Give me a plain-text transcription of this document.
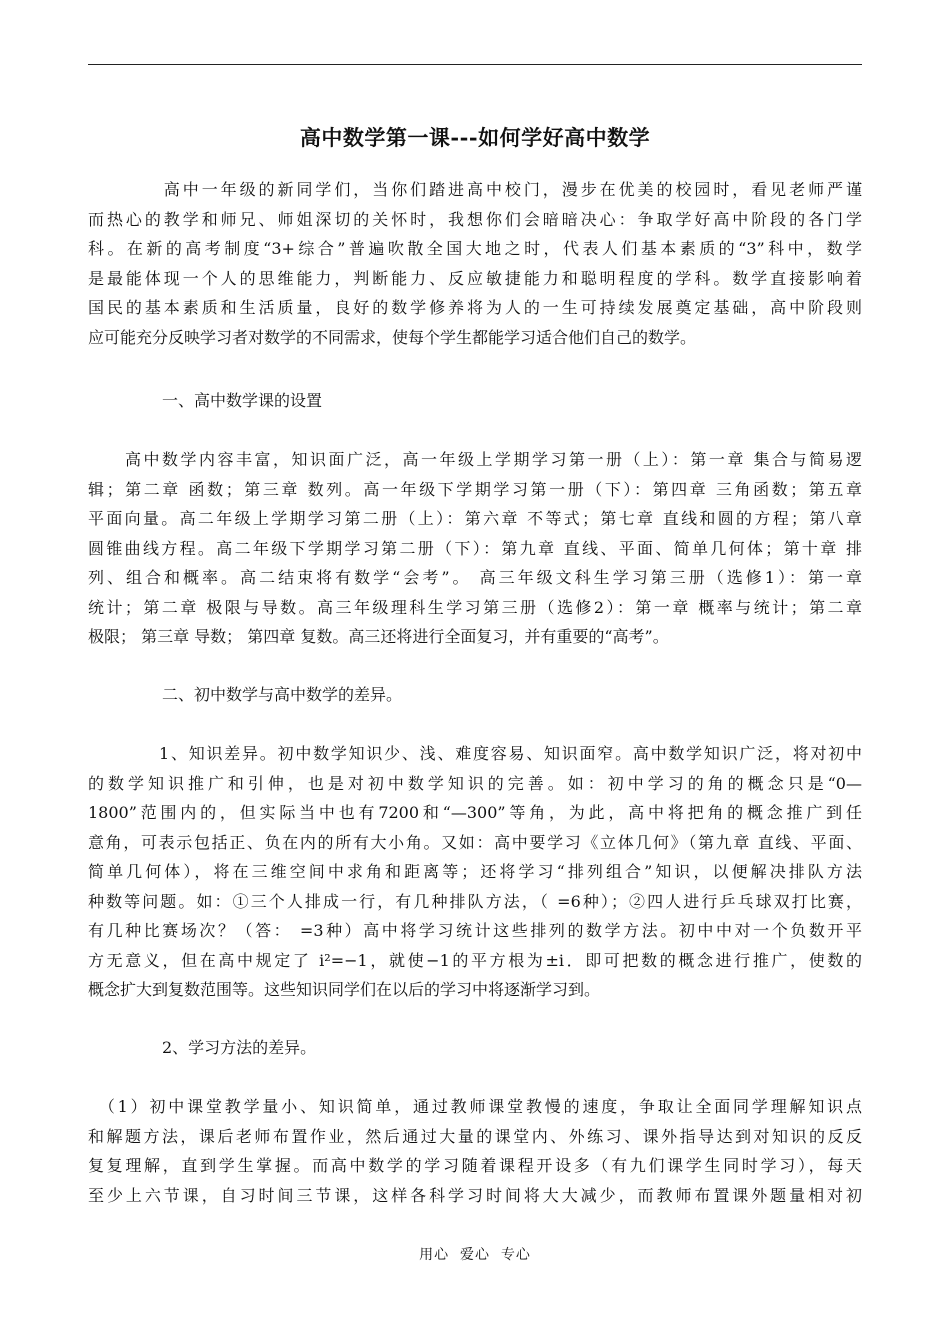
高中数学第一课---如何学好高中数学
　　　　高中一年级的新同学们，当你们踏进高中校门，漫步在优美的校园时，看见老师严谨
而热心的教学和师兄、师姐深切的关怀时，我想你们会暗暗决心：争取学好高中阶段的各门学
科。在新的高考制度“3+综合”普遍吹散全国大地之时，代表人们基本素质的“3”科中，数学
是最能体现一个人的思维能力，判断能力、反应敏捷能力和聪明程度的学科。数学直接影响着
国民的基本素质和生活质量，良好的数学修养将为人的一生可持续发展奠定基础，高中阶段则
应可能充分反映学习者对数学的不同需求，使每个学生都能学习适合他们自己的数学。
一、高中数学课的设置
　　高中数学内容丰富，知识面广泛，高一年级上学期学习第一册（上）：第一章 集合与简易逻
辑；第二章 函数；第三章 数列。高一年级下学期学习第一册（下）：第四章 三角函数；第五章
平面向量。高二年级上学期学习第二册（上）：第六章 不等式；第七章 直线和圆的方程；第八章
圆锥曲线方程。高二年级下学期学习第二册（下）：第九章 直线、平面、简单几何体；第十章 排
列、组合和概率。高二结束将有数学“会考”。 高三年级文科生学习第三册（选修1）：第一章
统计；第二章 极限与导数。高三年级理科生学习第三册（选修2）：第一章 概率与统计；第二章
极限； 第三章 导数； 第四章 复数。高三还将进行全面复习，并有重要的“高考”。
二、初中数学与高中数学的差异。
　　　　1、知识差异。初中数学知识少、浅、难度容易、知识面窄。高中数学知识广泛，将对初中
的数学知识推广和引伸，也是对初中数学知识的完善。如：初中学习的角的概念只是“0—
1800”范围内的，但实际当中也有7200和“—300”等角，为此，高中将把角的概念推广到任
意角，可表示包括正、负在内的所有大小角。又如：高中要学习《立体几何》（第九章 直线、平面、
简单几何体），将在三维空间中求角和距离等；还将学习“排列组合”知识，以便解决排队方法
种数等问题。如：①三个人排成一行，有几种排队方法，（ =6种）；②四人进行乒乓球双打比赛，
有几种比赛场次？（答： =3种）高中将学习统计这些排列的数学方法。初中中对一个负数开平
方无意义，但在高中规定了 i²=−1，就使−1的平方根为±i．即可把数的概念进行推广，使数的
概念扩大到复数范围等。这些知识同学们在以后的学习中将逐渐学习到。
2、学习方法的差异。
　（1）初中课堂教学量小、知识简单，通过教师课堂教慢的速度，争取让全面同学理解知识点
和解题方法，课后老师布置作业，然后通过大量的课堂内、外练习、课外指导达到对知识的反反
复复理解，直到学生掌握。而高中数学的学习随着课程开设多（有九们课学生同时学习），每天
至少上六节课，自习时间三节课，这样各科学习时间将大大减少，而教师布置课外题量相对初
用心  爱心  专心
